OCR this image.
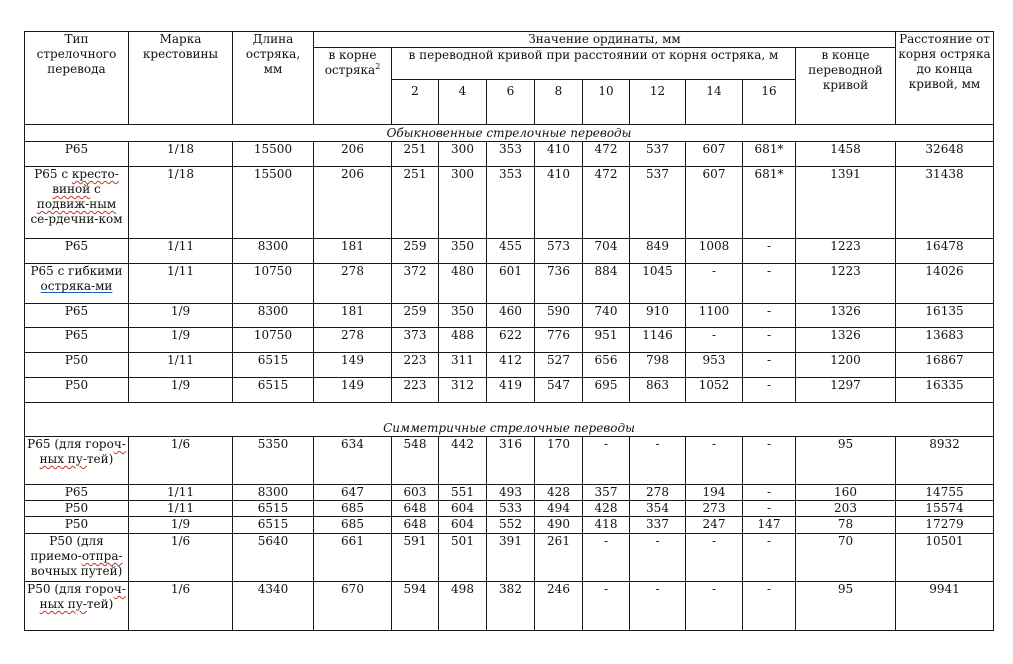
Тип стрелочного перевода	Марка крестовины	Длина остряка, мм	Значение ординаты, мм										Расстояние от корня остряка до конца кривой, мм
			в корне остряка$^2$	в переводной кривой при расстоянии от корня остряка, м								в конце переводной кривой	
				2	4	6	8	10	12	14	16		
Обыкновенные стрелочные переводы													
Р65	1/18	15500	206	251	300	353	410	472	537	607	681*	1458	32648
Р65 с кресто-виной с подвиж-ным се-рдечни-ком	1/18	15500	206	251	300	353	410	472	537	607	681*	1391	31438
Р65	1/11	8300	181	259	350	455	573	704	849	1008	-	1223	16478
Р65 с гибкими остряка-ми	1/11	10750	278	372	480	601	736	884	1045	-	-	1223	14026
Р65	1/9	8300	181	259	350	460	590	740	910	1100	-	1326	16135
Р65	1/9	10750	278	373	488	622	776	951	1146	-	-	1326	13683
Р50	1/11	6515	149	223	311	412	527	656	798	953	-	1200	16867
Р50	1/9	6515	149	223	312	419	547	695	863	1052	-	1297	16335
Симметричные стрелочные переводы													
Р65 (для гороч-ных пу-тей)	1/6	5350	634	548	442	316	170	-	-	-	-	95	8932
Р65	1/11	8300	647	603	551	493	428	357	278	194	-	160	14755
Р50	1/11	6515	685	648	604	533	494	428	354	273	-	203	15574
Р50	1/9	6515	685	648	604	552	490	418	337	247	147	78	17279
Р50 (для приемо-отпра-вочных путей)	1/6	5640	661	591	501	391	261	-	-	-	-	70	10501
Р50 (для гороч-ных пу-тей)	1/6	4340	670	594	498	382	246	-	-	-	-	95	9941
